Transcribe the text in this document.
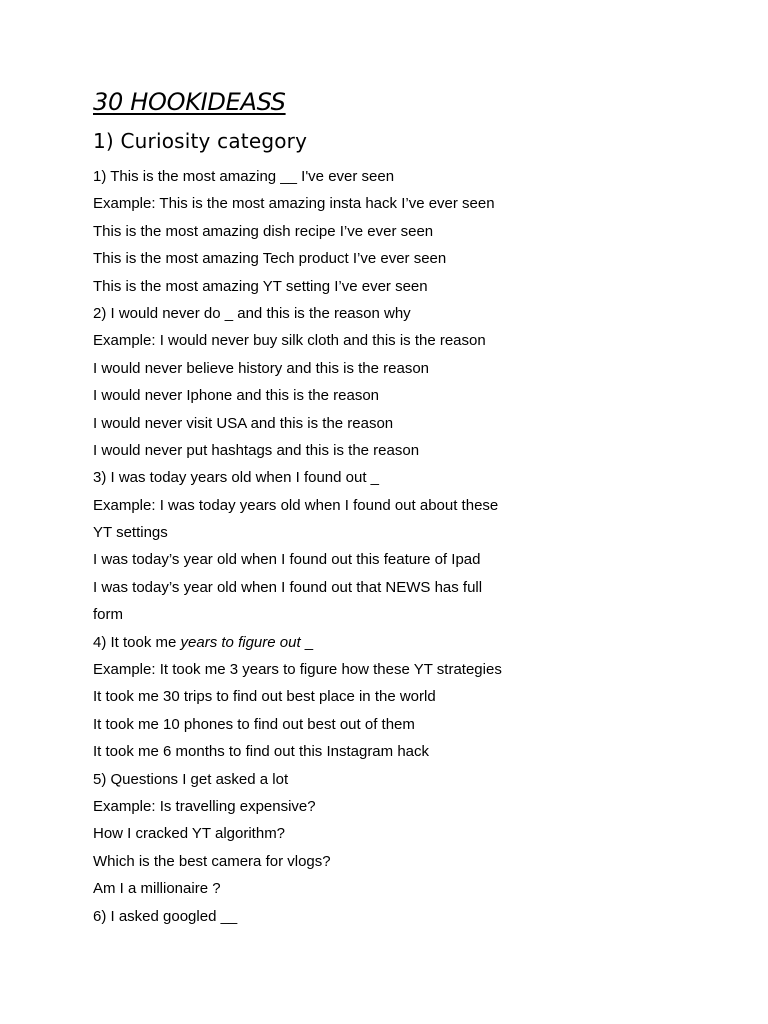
30 HOOKIDEASS
1) Curiosity category
1) This is the most amazing __ I've ever seen
Example: This is the most amazing insta hack I’ve ever seen
This is the most amazing dish recipe I’ve ever seen
This is the most amazing Tech product I’ve ever seen
This is the most amazing YT setting I’ve ever seen
2) I would never do _ and this is the reason why
Example: I would never buy silk cloth and this is the reason
I would never believe history and this is the reason
I would never Iphone and this is the reason
I would never visit USA and this is the reason
I would never put hashtags and this is the reason
3) I was today years old when I found out _
Example: I was today years old when I found out about these
YT settings
I was today’s year old when I found out this feature of Ipad
I was today’s year old when I found out that NEWS has full
form
4) It took me years to figure out _
Example: It took me 3 years to figure how these YT strategies
It took me 30 trips to find out best place in the world
It took me 10 phones to find out best out of them
It took me 6 months to find out this Instagram hack
5) Questions I get asked a lot
Example: Is travelling expensive?
How I cracked YT algorithm?
Which is the best camera for vlogs?
Am I a millionaire ?
6) I asked googled __
